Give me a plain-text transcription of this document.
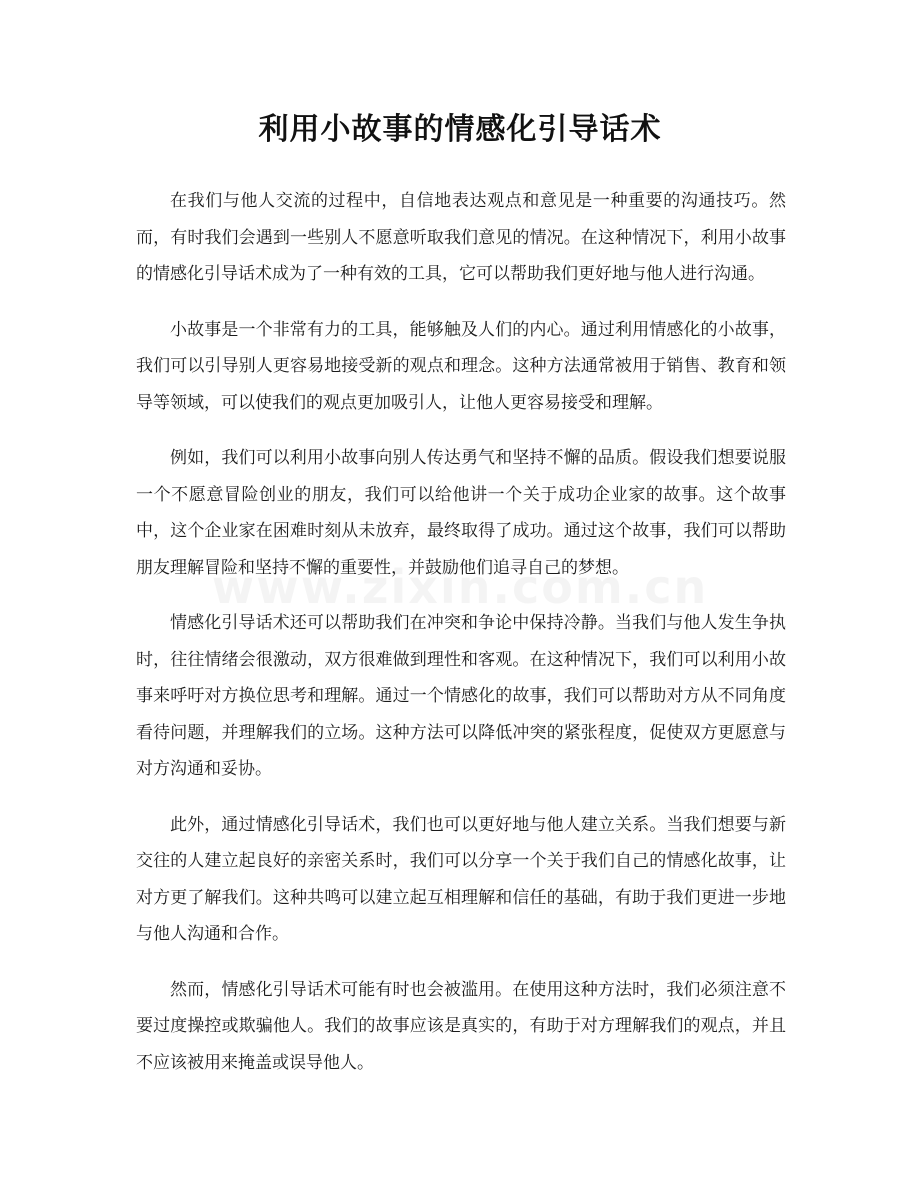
利用小故事的情感化引导话术

在我们与他人交流的过程中，自信地表达观点和意见是一种重要的沟通技巧。然而，有时我们会遇到一些别人不愿意听取我们意见的情况。在这种情况下，利用小故事的情感化引导话术成为了一种有效的工具，它可以帮助我们更好地与他人进行沟通。

小故事是一个非常有力的工具，能够触及人们的内心。通过利用情感化的小故事，我们可以引导别人更容易地接受新的观点和理念。这种方法通常被用于销售、教育和领导等领域，可以使我们的观点更加吸引人，让他人更容易接受和理解。

例如，我们可以利用小故事向别人传达勇气和坚持不懈的品质。假设我们想要说服一个不愿意冒险创业的朋友，我们可以给他讲一个关于成功企业家的故事。这个故事中，这个企业家在困难时刻从未放弃，最终取得了成功。通过这个故事，我们可以帮助朋友理解冒险和坚持不懈的重要性，并鼓励他们追寻自己的梦想。

情感化引导话术还可以帮助我们在冲突和争论中保持冷静。当我们与他人发生争执时，往往情绪会很激动，双方很难做到理性和客观。在这种情况下，我们可以利用小故事来呼吁对方换位思考和理解。通过一个情感化的故事，我们可以帮助对方从不同角度看待问题，并理解我们的立场。这种方法可以降低冲突的紧张程度，促使双方更愿意与对方沟通和妥协。

此外，通过情感化引导话术，我们也可以更好地与他人建立关系。当我们想要与新交往的人建立起良好的亲密关系时，我们可以分享一个关于我们自己的情感化故事，让对方更了解我们。这种共鸣可以建立起互相理解和信任的基础，有助于我们更进一步地与他人沟通和合作。

然而，情感化引导话术可能有时也会被滥用。在使用这种方法时，我们必须注意不要过度操控或欺骗他人。我们的故事应该是真实的，有助于对方理解我们的观点，并且不应该被用来掩盖或误导他人。
